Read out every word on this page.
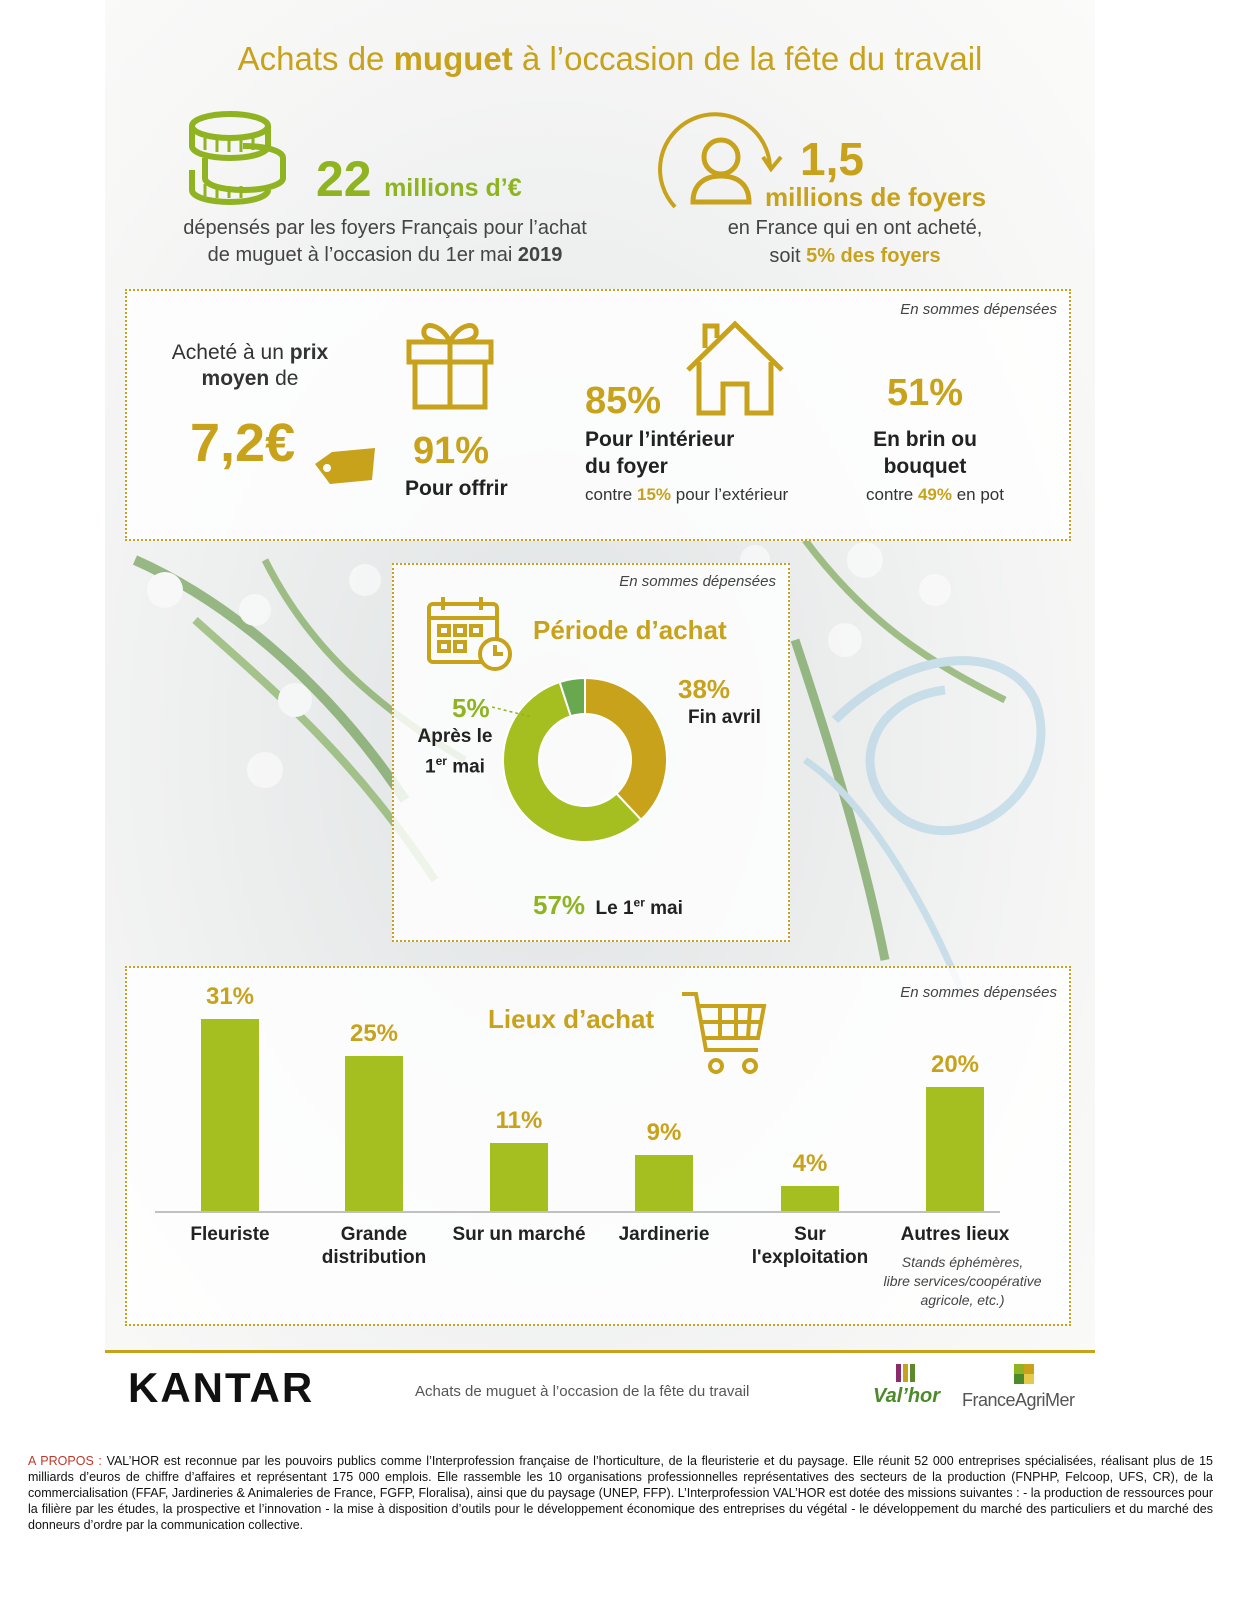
Achats de muguet à l’occasion de la fête du travail
22 millions d’€
dépensés par les foyers Français pour l’achat
de muguet à l’occasion du 1er mai 2019
1,5
millions de foyers
en France qui en ont acheté,
soit 5% des foyers
En sommes dépensées
Acheté à un prix
moyen de
7,2€	91%
Pour offrir
85%
Pour l’intérieur
du foyer
contre 15% pour l’extérieur
51%
En brin ou
bouquet
contre 49% en pot
En sommes dépensées
Période d’achat
5%
Après le
1er mai
38%
Fin avril
57% Le 1er mai
En sommes dépensées
Lieux d’achat
31%
Fleuriste
25%
Grande
distribution
11%
Sur un marché
9%
Jardinerie
4%
Sur
l'exploitation
20%
Autres lieux
Stands éphémères,
libre services/coopérative
agricole, etc.)
KANTAR	Achats de muguet à l’occasion de la fête du travail	Val’hor FranceAgriMer
A PROPOS : VAL’HOR est reconnue par les pouvoirs publics comme l’Interprofession française de l’horticulture, de la fleuristerie et du paysage. Elle réunit 52 000 entreprises spécialisées, réalisant plus de 15 milliards d’euros de chiffre d’affaires et représentant 175 000 emplois. Elle rassemble les 10 organisations professionnelles représentatives des secteurs de la production (FNPHP, Felcoop, UFS, CR), de la commercialisation (FFAF, Jardineries & Animaleries de France, FGFP, Floralisa), ainsi que du paysage (UNEP, FFP). L’Interprofession VAL’HOR est dotée des missions suivantes : - la production de ressources pour la filière par les études, la prospective et l’innovation - la mise à disposition d’outils pour le développement économique des entreprises du végétal - le développement du marché des particuliers et du marché des donneurs d’ordre par la communication collective.
